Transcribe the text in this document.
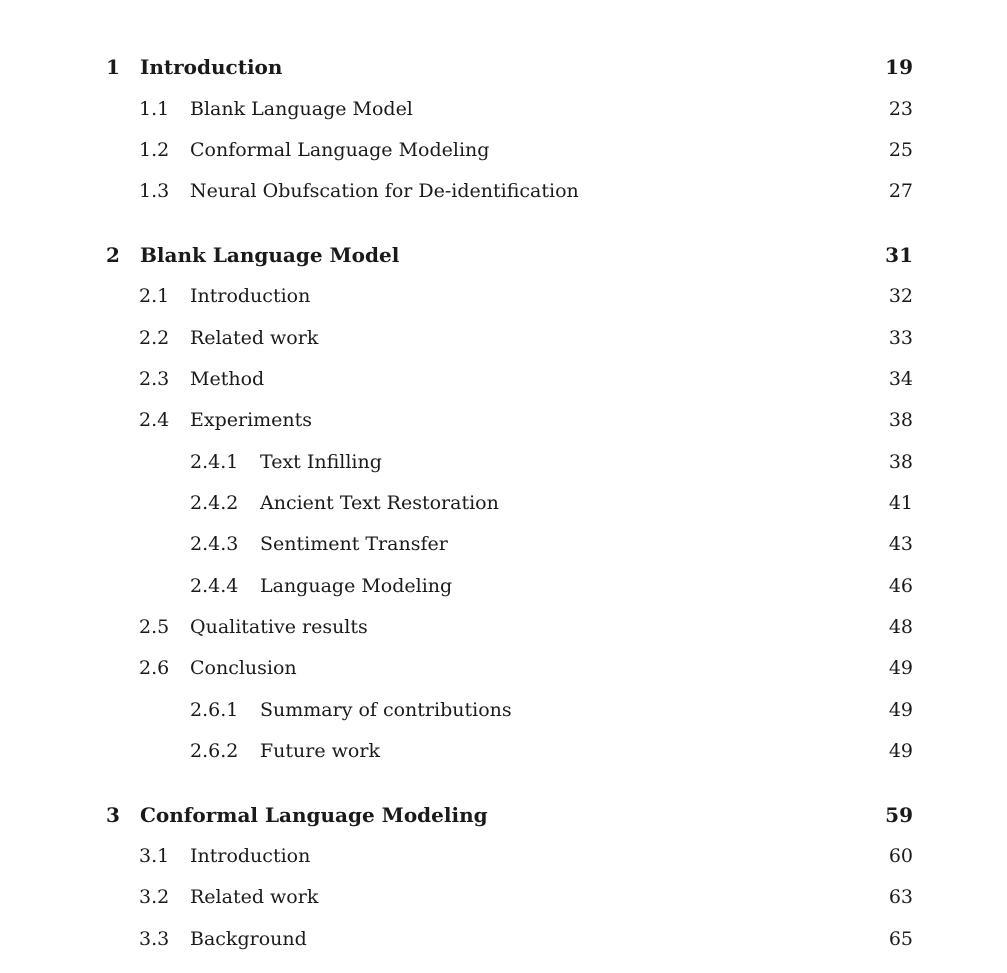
1 Introduction	19
1.1 Blank Language Model	23
1.2 Conformal Language Modeling	25
1.3 Neural Obufscation for De-identification	27
2 Blank Language Model	31
2.1 Introduction	32
2.2 Related work	33
2.3 Method	34
2.4 Experiments	38
2.4.1 Text Infilling	38
2.4.2 Ancient Text Restoration	41
2.4.3 Sentiment Transfer	43
2.4.4 Language Modeling	46
2.5 Qualitative results	48
2.6 Conclusion	49
2.6.1 Summary of contributions	49
2.6.2 Future work	49
3 Conformal Language Modeling	59
3.1 Introduction	60
3.2 Related work	63
3.3 Background	65
